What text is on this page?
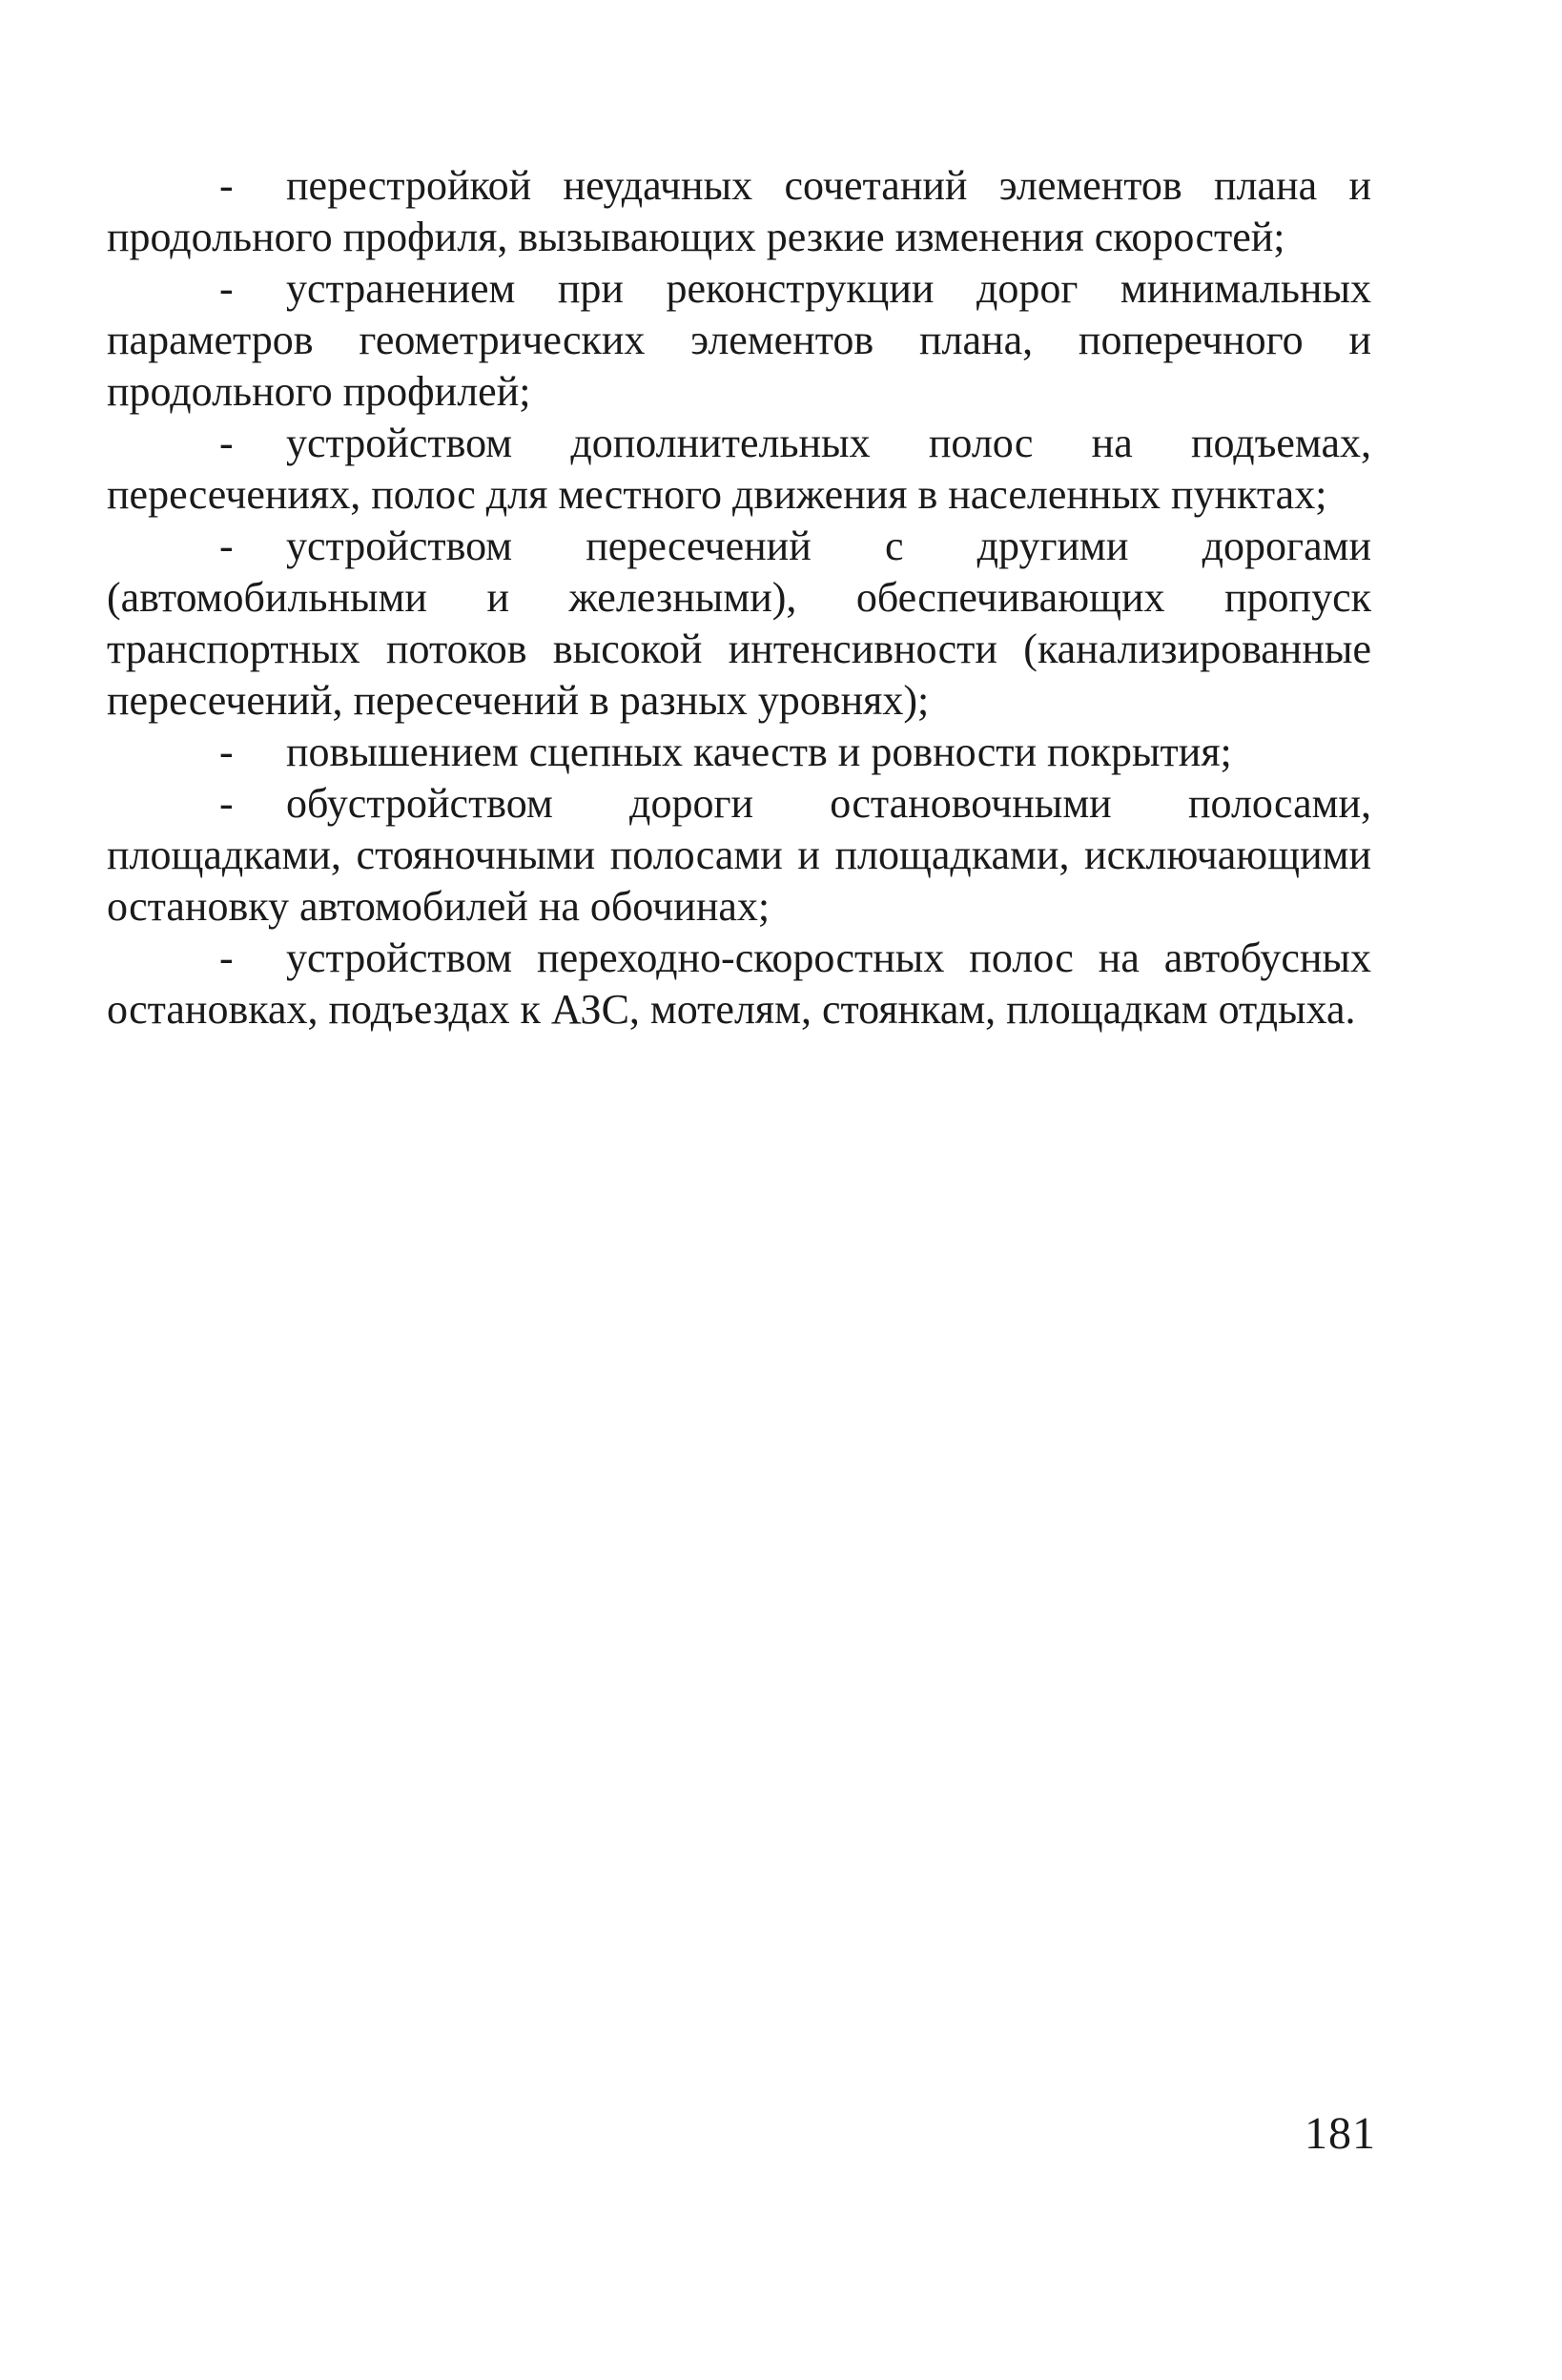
- перестройкой неудачных сочетаний элементов плана и продольного профиля, вызывающих резкие изменения скоростей;

- устранением при реконструкции дорог минимальных параметров геометрических элементов плана, поперечного и продольного профилей;

- устройством дополнительных полос на подъемах, пересечениях, полос для местного движения в населенных пунктах;

- устройством пересечений с другими дорогами (автомобильными и железными), обеспечивающих пропуск транспортных потоков высокой интенсивности (канализированные пересечений, пересечений в разных уровнях);

- повышением сцепных качеств и ровности покрытия;

- обустройством дороги остановочными полосами, площадками, стояночными полосами и площадками, исключающими остановку автомобилей на обочинах;

- устройством переходно-скоростных полос на автобусных остановках, подъездах к АЗС, мотелям, стоянкам, площадкам отдыха.

181
